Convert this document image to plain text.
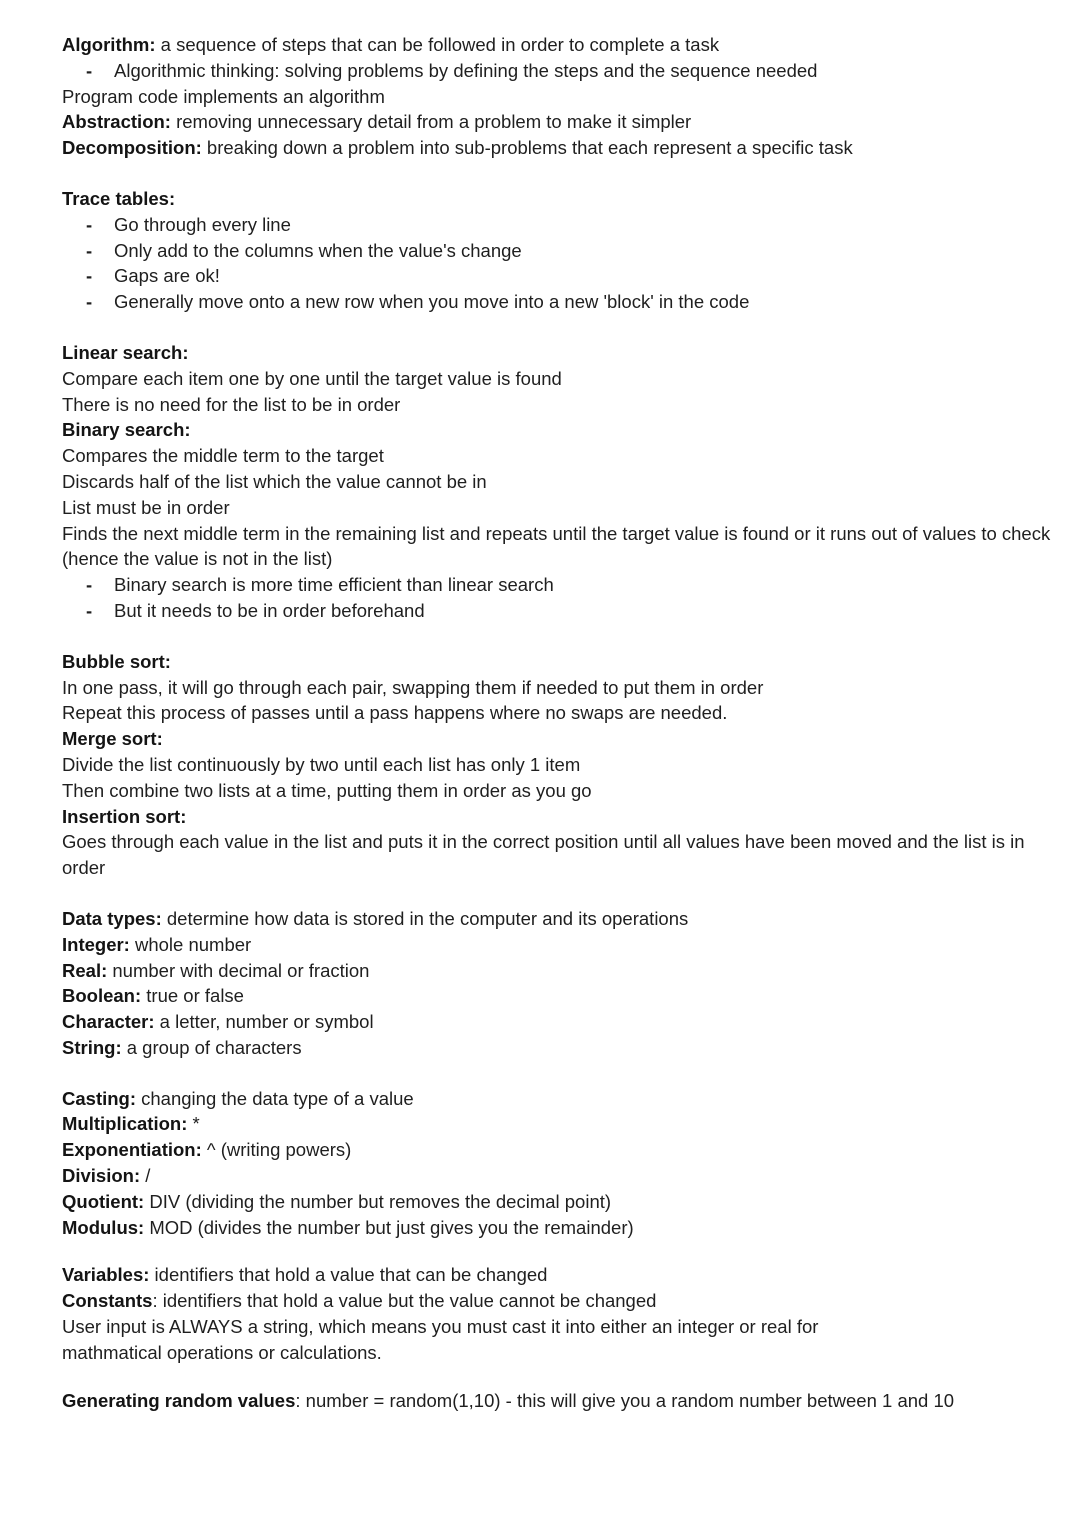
Algorithm: a sequence of steps that can be followed in order to complete a task
- Algorithmic thinking: solving problems by defining the steps and the sequence needed
Program code implements an algorithm
Abstraction: removing unnecessary detail from a problem to make it simpler
Decomposition: breaking down a problem into sub-problems that each represent a specific task
Trace tables:
- Go through every line
- Only add to the columns when the value's change
- Gaps are ok!
- Generally move onto a new row when you move into a new 'block' in the code
Linear search:
Compare each item one by one until the target value is found
There is no need for the list to be in order
Binary search:
Compares the middle term to the target
Discards half of the list which the value cannot be in
List must be in order
Finds the next middle term in the remaining list and repeats until the target value is found or it runs out of values to check (hence the value is not in the list)
- Binary search is more time efficient than linear search
- But it needs to be in order beforehand
Bubble sort:
In one pass, it will go through each pair, swapping them if needed to put them in order
Repeat this process of passes until a pass happens where no swaps are needed.
Merge sort:
Divide the list continuously by two until each list has only 1 item
Then combine two lists at a time, putting them in order as you go
Insertion sort:
Goes through each value in the list and puts it in the correct position until all values have been moved and the list is in order
Data types: determine how data is stored in the computer and its operations
Integer: whole number
Real: number with decimal or fraction
Boolean: true or false
Character: a letter, number or symbol
String: a group of characters
Casting: changing the data type of a value
Multiplication: *
Exponentiation: ^ (writing powers)
Division: /
Quotient: DIV (dividing the number but removes the decimal point)
Modulus: MOD (divides the number but just gives you the remainder)
Variables: identifiers that hold a value that can be changed
Constants: identifiers that hold a value but the value cannot be changed
User input is ALWAYS a string, which means you must cast it into either an integer or real for mathmatical operations or calculations.
Generating random values: number = random(1,10) - this will give you a random number between 1 and 10
